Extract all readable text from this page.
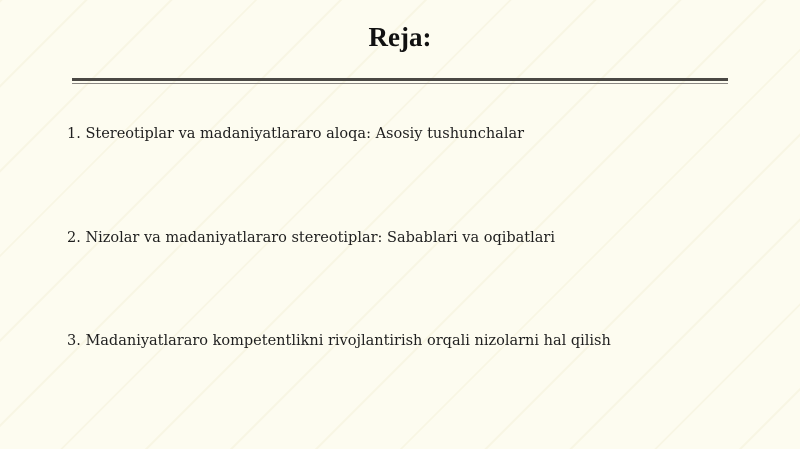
Reja:
1. Stereotiplar va madaniyatlararo aloqa: Asosiy tushunchalar
2. Nizolar va madaniyatlararo stereotiplar: Sabablari va oqibatlari
3. Madaniyatlararo kompetentlikni rivojlantirish orqali nizolarni hal qilish
